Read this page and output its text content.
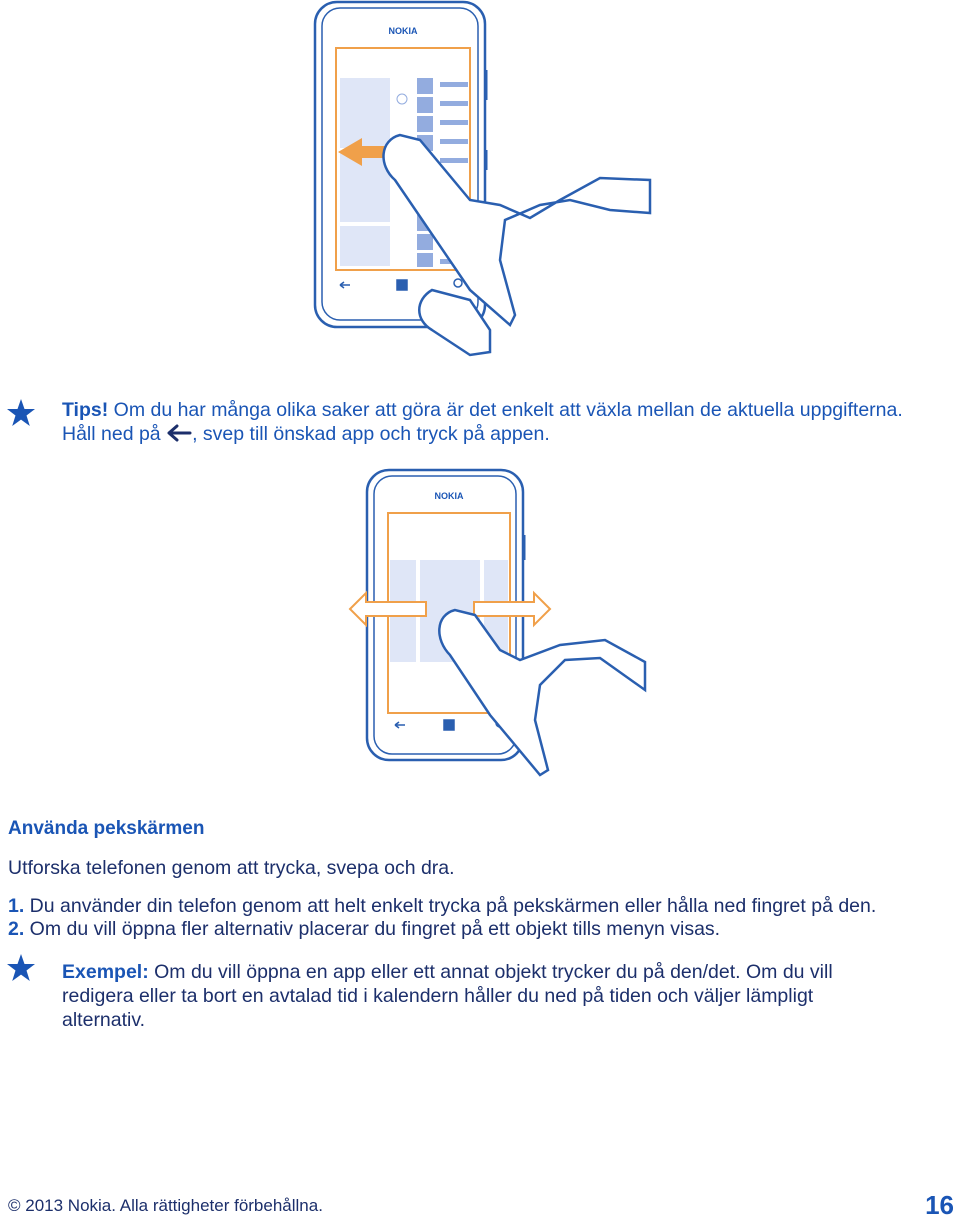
NOKIA
NOKIA
Tips! Om du har många olika saker att göra är det enkelt att växla mellan de aktuella uppgifterna.
Håll ned på , svep till önskad app och tryck på appen.
Använda pekskärmen
Utforska telefonen genom att trycka, svepa och dra.
1. Du använder din telefon genom att helt enkelt trycka på pekskärmen eller hålla ned fingret på den.
2. Om du vill öppna fler alternativ placerar du fingret på ett objekt tills menyn visas.
Exempel: Om du vill öppna en app eller ett annat objekt trycker du på den/det. Om du vill
redigera eller ta bort en avtalad tid i kalendern håller du ned på tiden och väljer lämpligt
alternativ.
© 2013 Nokia. Alla rättigheter förbehållna.	16
